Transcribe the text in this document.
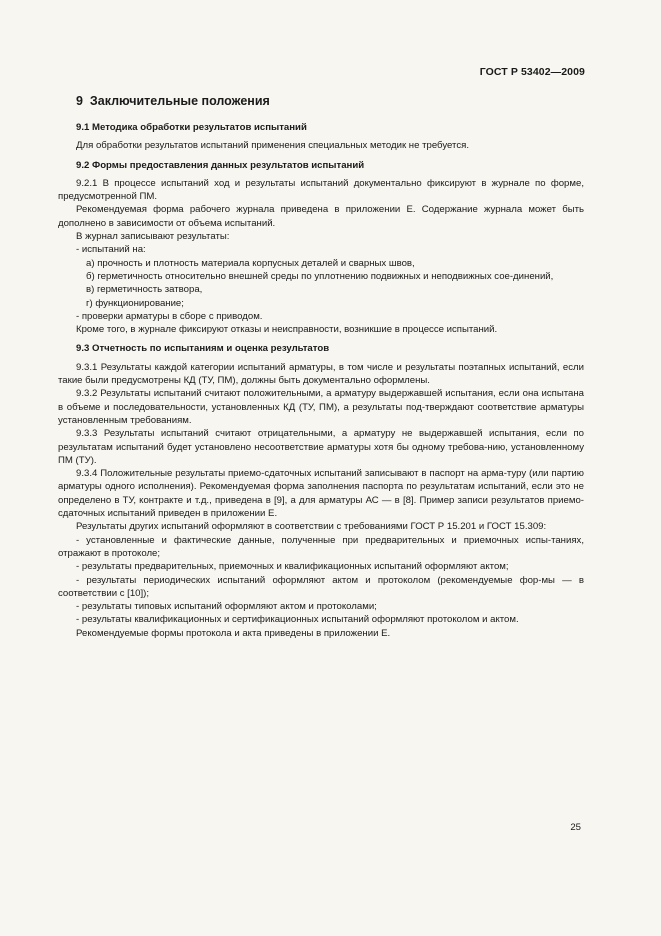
ГОСТ Р 53402—2009
9 Заключительные положения

9.1 Методика обработки результатов испытаний

Для обработки результатов испытаний применения специальных методик не требуется.

9.2 Формы предоставления данных результатов испытаний

9.2.1 В процессе испытаний ход и результаты испытаний документально фиксируют в журнале по форме, предусмотренной ПМ.

Рекомендуемая форма рабочего журнала приведена в приложении Е. Содержание журнала может быть дополнено в зависимости от объема испытаний.

В журнал записывают результаты:

- испытаний на:

а) прочность и плотность материала корпусных деталей и сварных швов,

б) герметичность относительно внешней среды по уплотнению подвижных и неподвижных сое-динений,

в) герметичность затвора,

г) функционирование;

- проверки арматуры в сборе с приводом.

Кроме того, в журнале фиксируют отказы и неисправности, возникшие в процессе испытаний.

9.3 Отчетность по испытаниям и оценка результатов

9.3.1 Результаты каждой категории испытаний арматуры, в том числе и результаты поэтапных испытаний, если такие были предусмотрены КД (ТУ, ПМ), должны быть документально оформлены.

9.3.2 Результаты испытаний считают положительными, а арматуру выдержавшей испытания, если она испытана в объеме и последовательности, установленных КД (ТУ, ПМ), а результаты под-тверждают соответствие арматуры установленным требованиям.

9.3.3 Результаты испытаний считают отрицательными, а арматуру не выдержавшей испытания, если по результатам испытаний будет установлено несоответствие арматуры хотя бы одному требова-нию, установленному ПМ (ТУ).

9.3.4 Положительные результаты приемо-сдаточных испытаний записывают в паспорт на арма-туру (или партию арматуры одного исполнения). Рекомендуемая форма заполнения паспорта по результатам испытаний, если это не определено в ТУ, контракте и т.д., приведена в [9], а для арматуры АС — в [8]. Пример записи результатов приемо-сдаточных испытаний приведен в приложении Е.

Результаты других испытаний оформляют в соответствии с требованиями ГОСТ Р 15.201 и ГОСТ 15.309:

- установленные и фактические данные, полученные при предварительных и приемочных испы-таниях, отражают в протоколе;

- результаты предварительных, приемочных и квалификационных испытаний оформляют актом;

- результаты периодических испытаний оформляют актом и протоколом (рекомендуемые фор-мы — в соответствии с [10]);

- результаты типовых испытаний оформляют актом и протоколами;

- результаты квалификационных и сертификационных испытаний оформляют протоколом и актом.

Рекомендуемые формы протокола и акта приведены в приложении Е.

25
